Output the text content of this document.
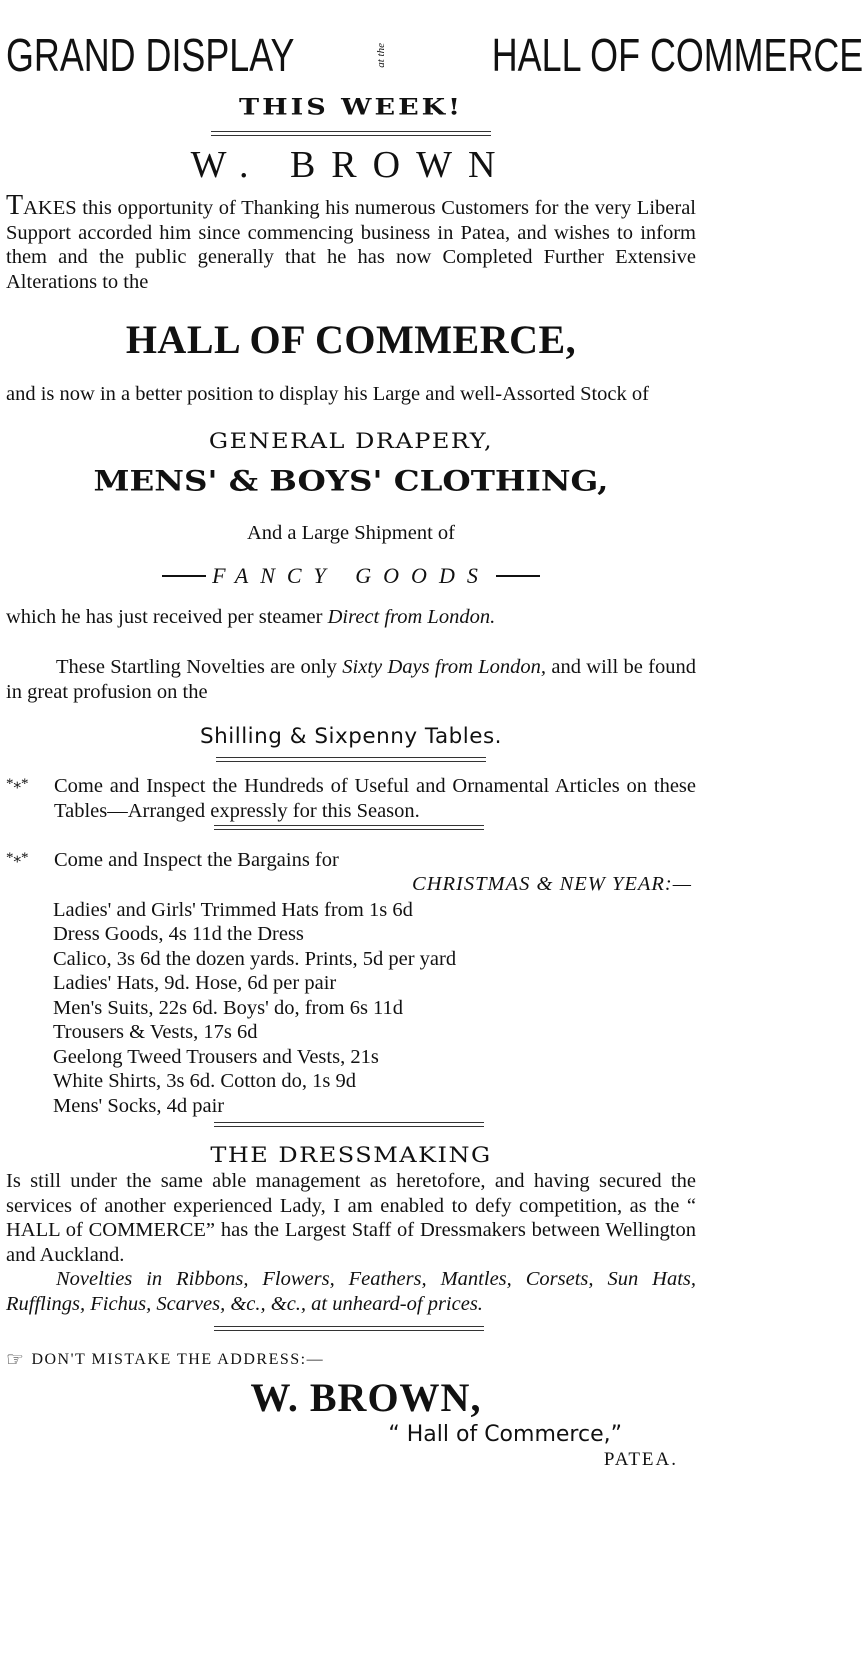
GRAND DISPLAY	at the HALL OF COMMERCE
THIS WEEK!
W. BROWN

TAKES this opportunity of Thanking his numerous Customers for the very Liberal Support accorded him since commencing business in Patea, and wishes to inform them and the public generally that he has now Completed Further Extensive Alterations to the

HALL OF COMMERCE,

and is now in a better position to display his Large and well-Assorted Stock of

GENERAL DRAPERY,
MENS' & BOYS' CLOTHING,
And a Large Shipment of
FANCY GOODS

which he has just received per steamer Direct from London.

These Startling Novelties are only Sixty Days from London, and will be found in great profusion on the

Shilling & Sixpenny Tables.
*⁎*	Come and Inspect the Hundreds of Useful and Ornamental Articles on these Tables—Arranged expressly for this Season.

*⁎*	Come and Inspect the Bargains for

CHRISTMAS & NEW YEAR:—
Ladies' and Girls' Trimmed Hats from 1s 6d
Dress Goods, 4s 11d the Dress
Calico, 3s 6d the dozen yards. Prints, 5d per yard
Ladies' Hats, 9d. Hose, 6d per pair
Men's Suits, 22s 6d. Boys' do, from 6s 11d
Trousers & Vests, 17s 6d
Geelong Tweed Trousers and Vests, 21s
White Shirts, 3s 6d. Cotton do, 1s 9d
Mens' Socks, 4d pair
THE DRESSMAKING

Is still under the same able management as heretofore, and having secured the services of another experienced Lady, I am enabled to defy competition, as the “ HALL of COMMERCE” has the Largest Staff of Dressmakers between Wellington and Auckland.

Novelties in Ribbons, Flowers, Feathers, Mantles, Corsets, Sun Hats, Rufflings, Fichus, Scarves, &c., &c., at unheard-of prices.

☞ DON'T MISTAKE THE ADDRESS:—
W. BROWN,
“ Hall of Commerce,”
PATEA.
